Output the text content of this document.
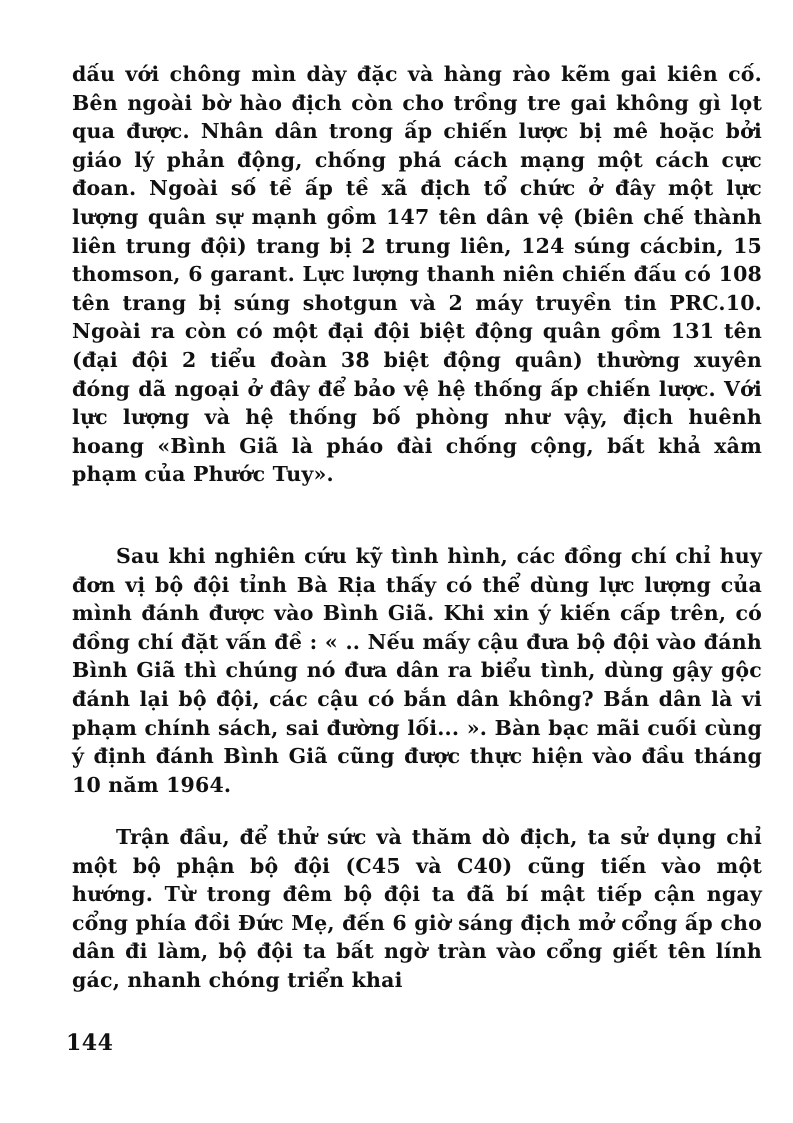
dấu với chông mìn dày đặc và hàng rào kẽm gai kiên cố. Bên ngoài bờ hào địch còn cho trồng tre gai không gì lọt qua được. Nhân dân trong ấp chiến lược bị mê hoặc bởi giáo lý phản động, chống phá cách mạng một cách cực đoan. Ngoài số tề ấp tề xã địch tổ chức ở đây một lực lượng quân sự mạnh gồm 147 tên dân vệ (biên chế thành liên trung đội) trang bị 2 trung liên, 124 súng cácbin, 15 thomson, 6 garant. Lực lượng thanh niên chiến đấu có 108 tên trang bị súng shotgun và 2 máy truyền tin PRC.10. Ngoài ra còn có một đại đội biệt động quân gồm 131 tên (đại đội 2 tiểu đoàn 38 biệt động quân) thường xuyên đóng dã ngoại ở đây để bảo vệ hệ thống ấp chiến lược. Với lực lượng và hệ thống bố phòng như vậy, địch huênh hoang «Bình Giã là pháo đài chống cộng, bất khả xâm phạm của Phước Tuy».

Sau khi nghiên cứu kỹ tình hình, các đồng chí chỉ huy đơn vị bộ đội tỉnh Bà Rịa thấy có thể dùng lực lượng của mình đánh được vào Bình Giã. Khi xin ý kiến cấp trên, có đồng chí đặt vấn đề : « .. Nếu mấy cậu đưa bộ đội vào đánh Bình Giã thì chúng nó đưa dân ra biểu tình, dùng gậy gộc đánh lại bộ đội, các cậu có bắn dân không? Bắn dân là vi phạm chính sách, sai đường lối... ». Bàn bạc mãi cuối cùng ý định đánh Bình Giã cũng được thực hiện vào đầu tháng 10 năm 1964.

Trận đầu, để thử sức và thăm dò địch, ta sử dụng chỉ một bộ phận bộ đội (C45 và C40) cũng tiến vào một hướng. Từ trong đêm bộ đội ta đã bí mật tiếp cận ngay cổng phía đồi Đức Mẹ, đến 6 giờ sáng địch mở cổng ấp cho dân đi làm, bộ đội ta bất ngờ tràn vào cổng giết tên lính gác, nhanh chóng triển khai

144
